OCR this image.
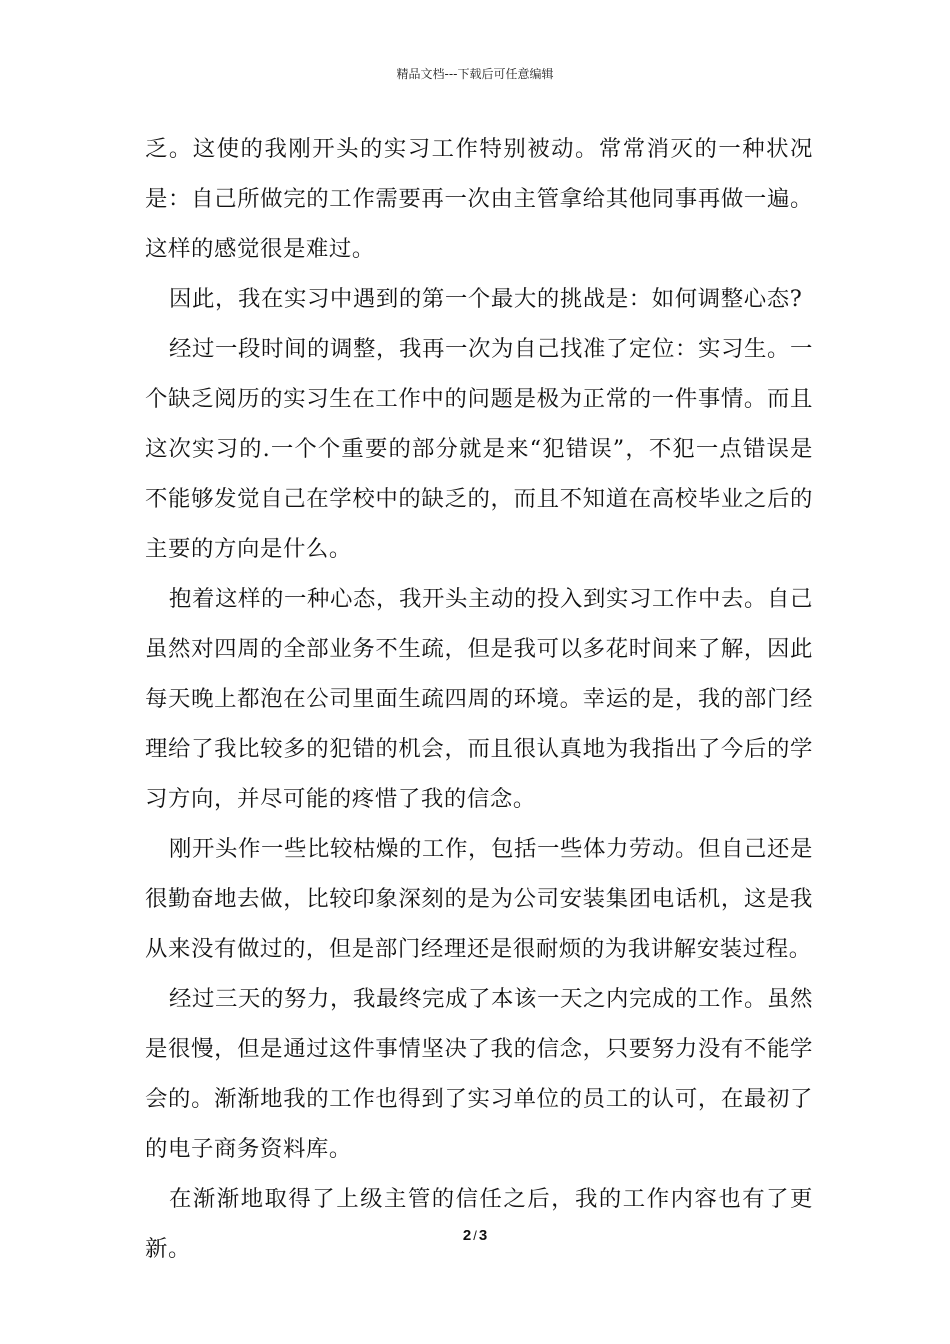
精品文档---下载后可任意编辑

乏。这使的我刚开头的实习工作特别被动。常常消灭的一种状况是：自己所做完的工作需要再一次由主管拿给其他同事再做一遍。这样的感觉很是难过。

因此，我在实习中遇到的第一个最大的挑战是：如何调整心态?

经过一段时间的调整，我再一次为自己找准了定位：实习生。一个缺乏阅历的实习生在工作中的问题是极为正常的一件事情。而且这次实习的.一个个重要的部分就是来“犯错误”，不犯一点错误是不能够发觉自己在学校中的缺乏的，而且不知道在高校毕业之后的主要的方向是什么。

抱着这样的一种心态，我开头主动的投入到实习工作中去。自己虽然对四周的全部业务不生疏，但是我可以多花时间来了解，因此每天晚上都泡在公司里面生疏四周的环境。幸运的是，我的部门经理给了我比较多的犯错的机会，而且很认真地为我指出了今后的学习方向，并尽可能的疼惜了我的信念。

刚开头作一些比较枯燥的工作，包括一些体力劳动。但自己还是很勤奋地去做，比较印象深刻的是为公司安装集团电话机，这是我从来没有做过的，但是部门经理还是很耐烦的为我讲解安装过程。

经过三天的努力，我最终完成了本该一天之内完成的工作。虽然是很慢，但是通过这件事情坚决了我的信念，只要努力没有不能学会的。渐渐地我的工作也得到了实习单位的员工的认可，在最初了的电子商务资料库。

在渐渐地取得了上级主管的信任之后，我的工作内容也有了更新。

2 / 3
